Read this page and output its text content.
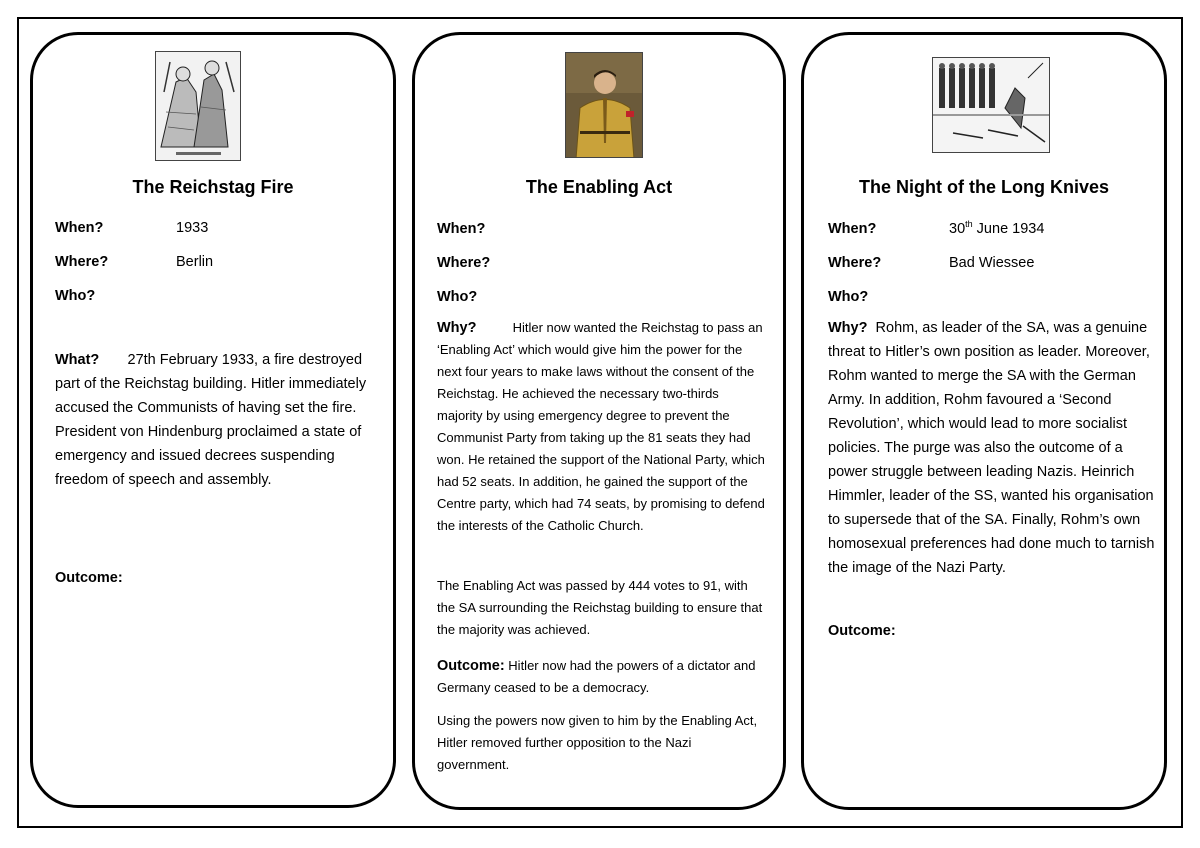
The Reichstag Fire
When?	1933
Where?	Berlin
Who?

What? 27th February 1933, a fire destroyed part of the Reichstag building. Hitler immediately accused the Communists of having set the fire. President von Hindenburg proclaimed a state of emergency and issued decrees suspending freedom of speech and assembly.

Outcome:
The Enabling Act
When?
Where?
Who?

Why?	Hitler now wanted the Reichstag to pass an ‘Enabling Act’ which would give him the power for the next four years to make laws without the consent of the Reichstag. He achieved the necessary two-thirds majority by using emergency degree to prevent the Communist Party from taking up the 81 seats they had won. He retained the support of the National Party, which had 52 seats. In addition, he gained the support of the Centre party, which had 74 seats, by promising to defend the interests of the Catholic Church.

The Enabling Act was passed by 444 votes to 91, with the SA surrounding the Reichstag building to ensure that the majority was achieved.

Outcome: Hitler now had the powers of a dictator and Germany ceased to be a democracy.

Using the powers now given to him by the Enabling Act, Hitler removed further opposition to the Nazi government.

The Night of the Long Knives
When?	30th June 1934
Where?	Bad Wiessee
Who?

Why? Rohm, as leader of the SA, was a genuine threat to Hitler’s own position as leader. Moreover, Rohm wanted to merge the SA with the German Army. In addition, Rohm favoured a ‘Second Revolution’, which would lead to more socialist policies. The purge was also the outcome of a power struggle between leading Nazis. Heinrich Himmler, leader of the SS, wanted his organisation to supersede that of the SA. Finally, Rohm’s own homosexual preferences had done much to tarnish the image of the Nazi Party.

Outcome:
